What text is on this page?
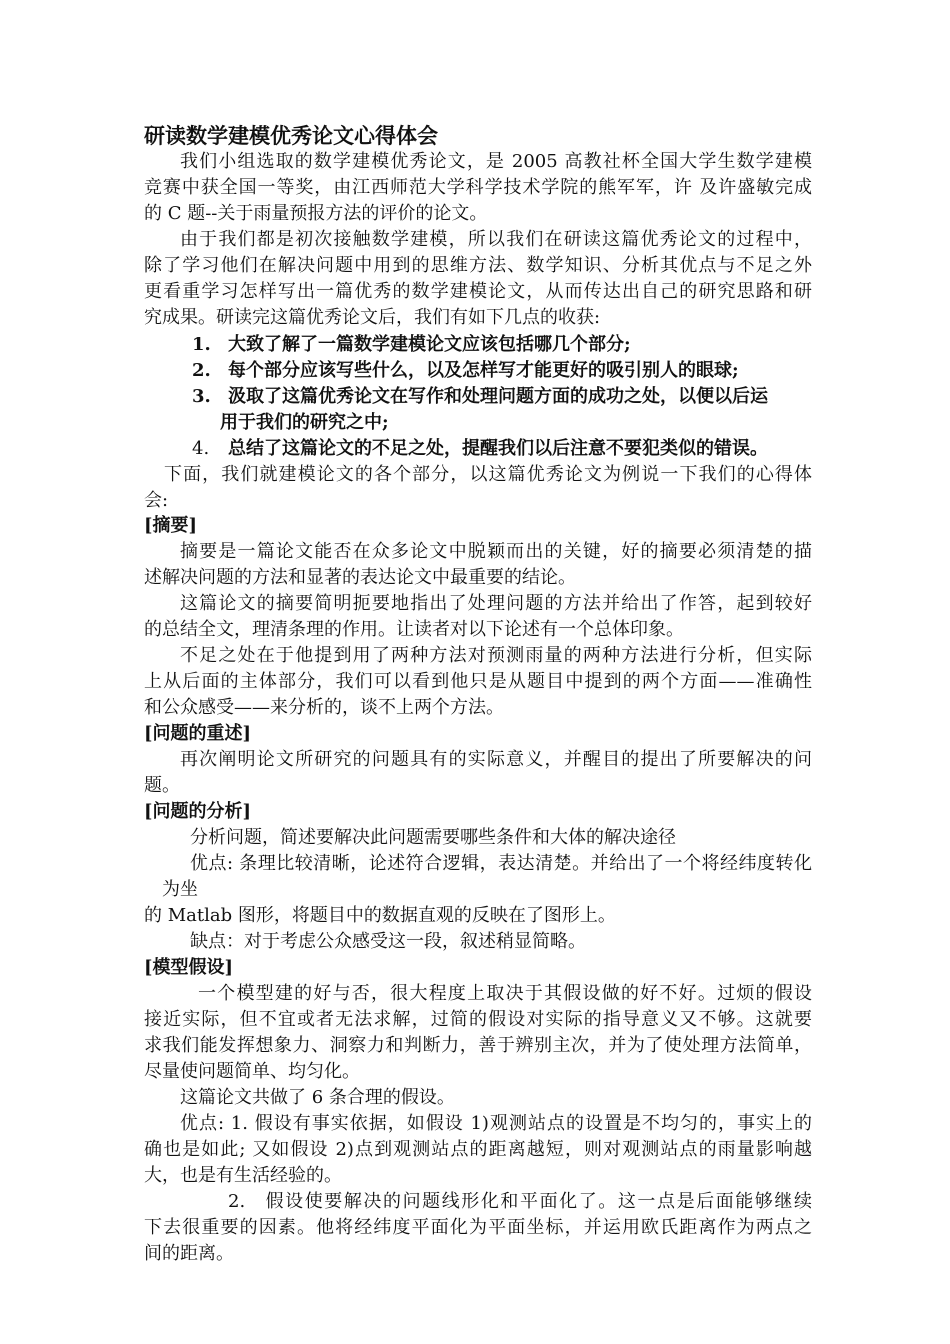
研读数学建模优秀论文心得体会
我们小组选取的数学建模优秀论文，是 2005 高教社杯全国大学生数学建模
竞赛中获全国一等奖，由江西师范大学科学技术学院的熊军军，许 及许盛敏完成
的 C 题--关于雨量预报方法的评价的论文。
由于我们都是初次接触数学建模，所以我们在研读这篇优秀论文的过程中，
除了学习他们在解决问题中用到的思维方法、数学知识、分析其优点与不足之外
更看重学习怎样写出一篇优秀的数学建模论文，从而传达出自己的研究思路和研
究成果。研读完这篇优秀论文后，我们有如下几点的收获:
1. 大致了解了一篇数学建模论文应该包括哪几个部分;
2. 每个部分应该写些什么，以及怎样写才能更好的吸引别人的眼球;
3. 汲取了这篇优秀论文在写作和处理问题方面的成功之处，以便以后运
用于我们的研究之中;
4. 总结了这篇论文的不足之处，提醒我们以后注意不要犯类似的错误。
下面，我们就建模论文的各个部分，以这篇优秀论文为例说一下我们的心得体
会:
[摘要]
摘要是一篇论文能否在众多论文中脱颖而出的关键，好的摘要必须清楚的描
述解决问题的方法和显著的表达论文中最重要的结论。
这篇论文的摘要简明扼要地指出了处理问题的方法并给出了作答，起到较好
的总结全文，理清条理的作用。让读者对以下论述有一个总体印象。
不足之处在于他提到用了两种方法对预测雨量的两种方法进行分析，但实际
上从后面的主体部分，我们可以看到他只是从题目中提到的两个方面——准确性
和公众感受——来分析的，谈不上两个方法。
[问题的重述]
再次阐明论文所研究的问题具有的实际意义，并醒目的提出了所要解决的问
题。
[问题的分析]
分析问题，简述要解决此问题需要哪些条件和大体的解决途径
优点: 条理比较清晰，论述符合逻辑，表达清楚。并给出了一个将经纬度转化
为坐
的 Matlab 图形，将题目中的数据直观的反映在了图形上。
缺点：对于考虑公众感受这一段，叙述稍显简略。
[模型假设]
一个模型建的好与否，很大程度上取决于其假设做的好不好。过烦的假设
接近实际，但不宜或者无法求解，过简的假设对实际的指导意义又不够。这就要
求我们能发挥想象力、洞察力和判断力，善于辨别主次，并为了使处理方法简单，
尽量使问题简单、均匀化。
这篇论文共做了 6 条合理的假设。
优点: 1. 假设有事实依据，如假设 1)观测站点的设置是不均匀的，事实上的
确也是如此; 又如假设 2)点到观测站点的距离越短，则对观测站点的雨量影响越
大，也是有生活经验的。
2. 假设使要解决的问题线形化和平面化了。这一点是后面能够继续
下去很重要的因素。他将经纬度平面化为平面坐标，并运用欧氏距离作为两点之
间的距离。
